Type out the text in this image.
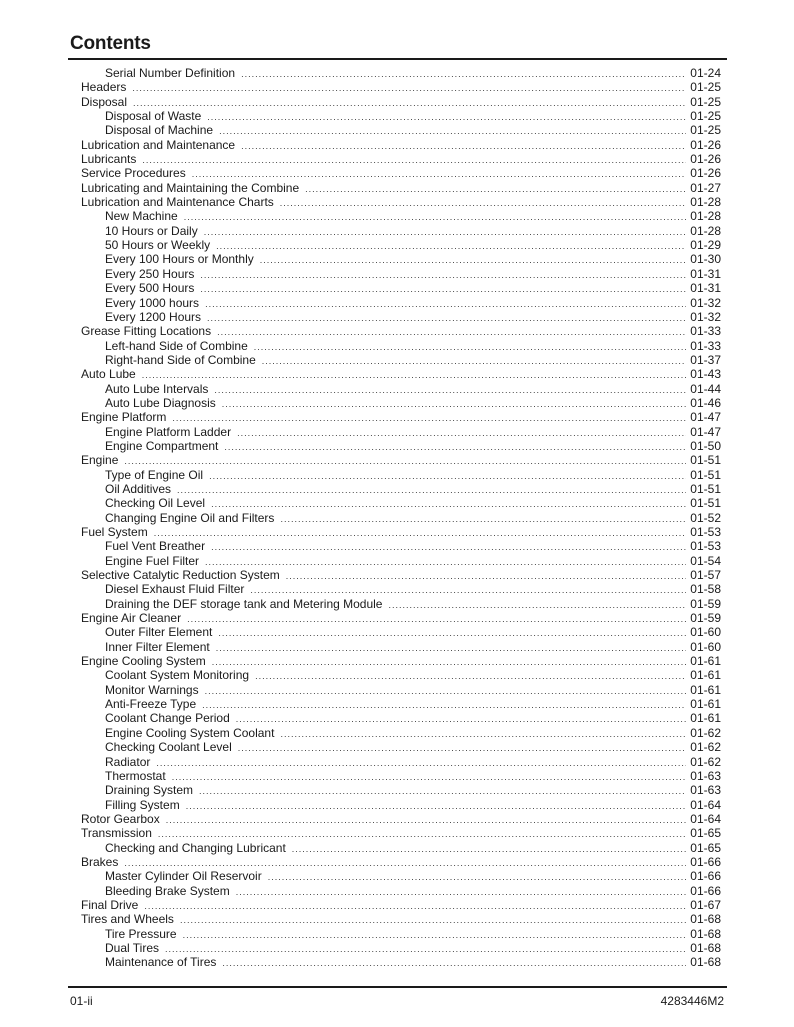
Contents
Serial Number Definition .....	01-24
Headers .....	01-25
Disposal .....	01-25
Disposal of Waste .....	01-25
Disposal of Machine .....	01-25
Lubrication and Maintenance .....	01-26
Lubricants .....	01-26
Service Procedures .....	01-26
Lubricating and Maintaining the Combine .....	01-27
Lubrication and Maintenance Charts .....	01-28
New Machine .....	01-28
10 Hours or Daily .....	01-28
50 Hours or Weekly .....	01-29
Every 100 Hours or Monthly .....	01-30
Every 250 Hours .....	01-31
Every 500 Hours .....	01-31
Every 1000 hours .....	01-32
Every 1200 Hours .....	01-32
Grease Fitting Locations .....	01-33
Left-hand Side of Combine .....	01-33
Right-hand Side of Combine .....	01-37
Auto Lube .....	01-43
Auto Lube Intervals .....	01-44
Auto Lube Diagnosis .....	01-46
Engine Platform .....	01-47
Engine Platform Ladder .....	01-47
Engine Compartment .....	01-50
Engine .....	01-51
Type of Engine Oil .....	01-51
Oil Additives .....	01-51
Checking Oil Level .....	01-51
Changing Engine Oil and Filters .....	01-52
Fuel System .....	01-53
Fuel Vent Breather .....	01-53
Engine Fuel Filter .....	01-54
Selective Catalytic Reduction System .....	01-57
Diesel Exhaust Fluid Filter .....	01-58
Draining the DEF storage tank and Metering Module .....	01-59
Engine Air Cleaner .....	01-59
Outer Filter Element .....	01-60
Inner Filter Element .....	01-60
Engine Cooling System .....	01-61
Coolant System Monitoring .....	01-61
Monitor Warnings .....	01-61
Anti-Freeze Type .....	01-61
Coolant Change Period .....	01-61
Engine Cooling System Coolant .....	01-62
Checking Coolant Level .....	01-62
Radiator .....	01-62
Thermostat .....	01-63
Draining System .....	01-63
Filling System .....	01-64
Rotor Gearbox .....	01-64
Transmission .....	01-65
Checking and Changing Lubricant .....	01-65
Brakes .....	01-66
Master Cylinder Oil Reservoir .....	01-66
Bleeding Brake System .....	01-66
Final Drive .....	01-67
Tires and Wheels .....	01-68
Tire Pressure .....	01-68
Dual Tires .....	01-68
Maintenance of Tires .....	01-68
01-ii	4283446M2
